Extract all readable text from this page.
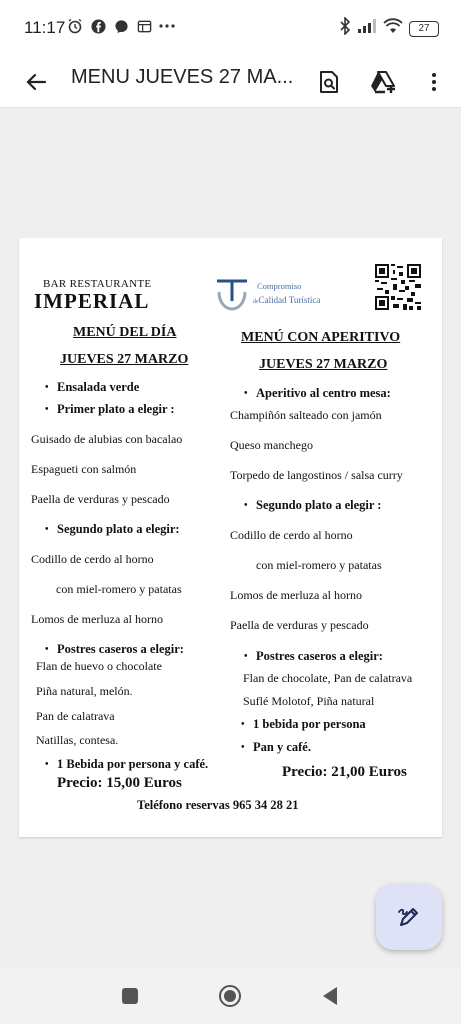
11:17	27
MENU JUEVES 27 MA...
BAR RESTAURANTE
IMPERIAL
Compromiso
deCalidad Turística
MENÚ DEL DÍA
JUEVES 27 MARZO
• Ensalada verde
• Primer plato a elegir :
Guisado de alubias con bacalao
Espagueti con salmón
Paella de verduras y pescado
• Segundo plato a elegir:
Codillo de cerdo al horno
con miel-romero y patatas
Lomos de merluza al horno
• Postres caseros a elegir:
Flan de huevo o chocolate
Piña natural, melón.
Pan de calatrava
Natillas, contesa.
• 1 Bebida por persona y café.
Precio: 15,00 Euros
MENÚ CON APERITIVO
JUEVES 27 MARZO
• Aperitivo al centro mesa:
Champiñón salteado con jamón
Queso manchego
Torpedo de langostinos / salsa curry
• Segundo plato a elegir :
Codillo de cerdo al horno
con miel-romero y patatas
Lomos de merluza al horno
Paella de verduras y pescado
• Postres caseros a elegir:
Flan de chocolate, Pan de calatrava
Suflé Molotof, Piña natural
• 1 bebida por persona
• Pan y café.
Precio: 21,00 Euros
Teléfono reservas 965 34 28 21
